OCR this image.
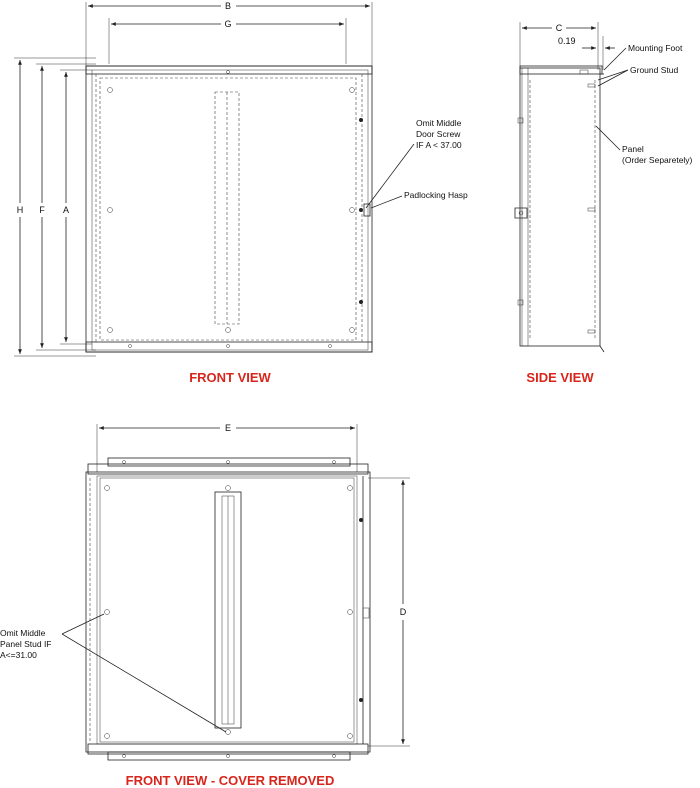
B
G
H F A
Omit Middle
Door Screw
IF A < 37.00
Padlocking Hasp
FRONT VIEW
C
0.19
Mounting Foot
Ground Stud
Panel
(Order Separetely)
SIDE VIEW
E
D
Omit Middle
Panel Stud IF
A<=31.00
FRONT VIEW - COVER REMOVED
